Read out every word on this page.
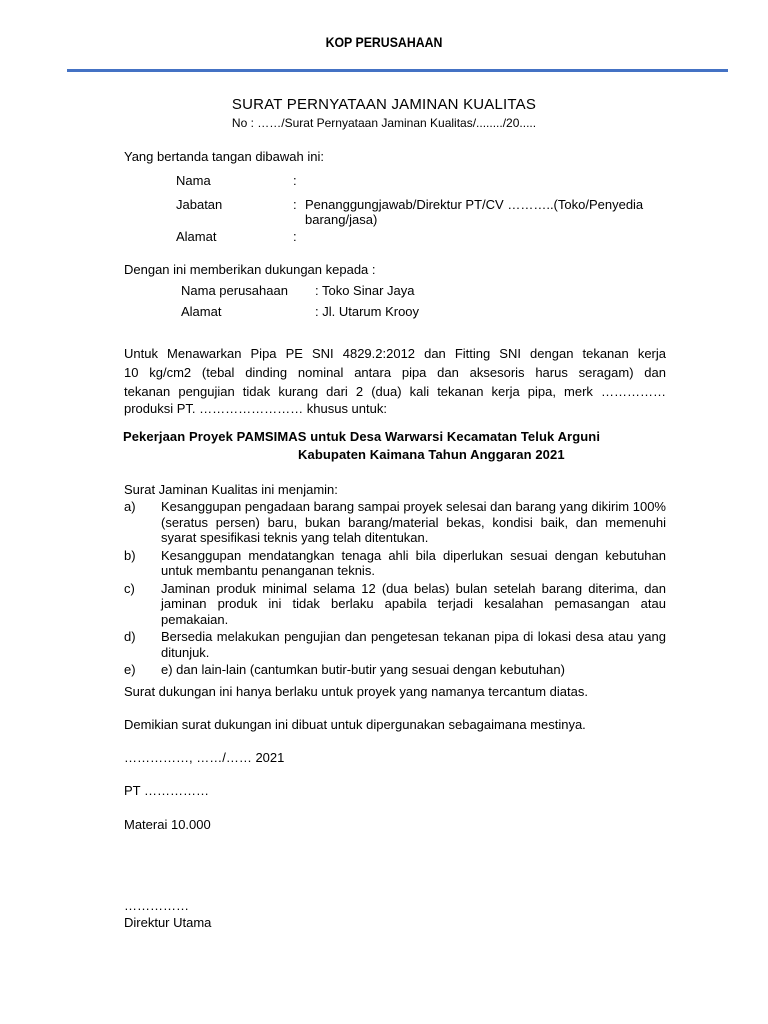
KOP PERUSAHAAN
SURAT PERNYATAAN JAMINAN KUALITAS
No : ……/Surat Pernyataan Jaminan Kualitas/......../20.....
Yang bertanda tangan dibawah ini:
Nama	:
Jabatan	: Penanggungjawab/Direktur PT/CV ………..(Toko/Penyedia
barang/jasa)
Alamat	:
Dengan ini memberikan dukungan kepada :
Nama perusahaan : Toko Sinar Jaya
Alamat	: Jl. Utarum Krooy
Untuk Menawarkan Pipa PE SNI 4829.2:2012 dan Fitting SNI dengan tekanan kerja
10 kg/cm2 (tebal dinding nominal antara pipa dan aksesoris harus seragam) dan
tekanan pengujian tidak kurang dari 2 (dua) kali tekanan kerja pipa, merk ……………
produksi PT. …………………… khusus untuk:
Pekerjaan Proyek PAMSIMAS untuk Desa Warwarsi Kecamatan Teluk Arguni
Kabupaten Kaimana Tahun Anggaran 2021
Surat Jaminan Kualitas ini menjamin:
a)	Kesanggupan pengadaan barang sampai proyek selesai dan barang yang dikirim 100% (seratus persen) baru, bukan barang/material bekas, kondisi baik, dan memenuhi syarat spesifikasi teknis yang telah ditentukan.
b)	Kesanggupan mendatangkan tenaga ahli bila diperlukan sesuai dengan kebutuhan untuk membantu penanganan teknis.
c)	Jaminan produk minimal selama 12 (dua belas) bulan setelah barang diterima, dan jaminan produk ini tidak berlaku apabila terjadi kesalahan pemasangan atau pemakaian.
d)	Bersedia melakukan pengujian dan pengetesan tekanan pipa di lokasi desa atau yang ditunjuk.
e)	e) dan lain-lain (cantumkan butir-butir yang sesuai dengan kebutuhan)
Surat dukungan ini hanya berlaku untuk proyek yang namanya tercantum diatas.
Demikian surat dukungan ini dibuat untuk dipergunakan sebagaimana mestinya.
……………, ……/…… 2021
PT ……………
Materai 10.000
……………
Direktur Utama
